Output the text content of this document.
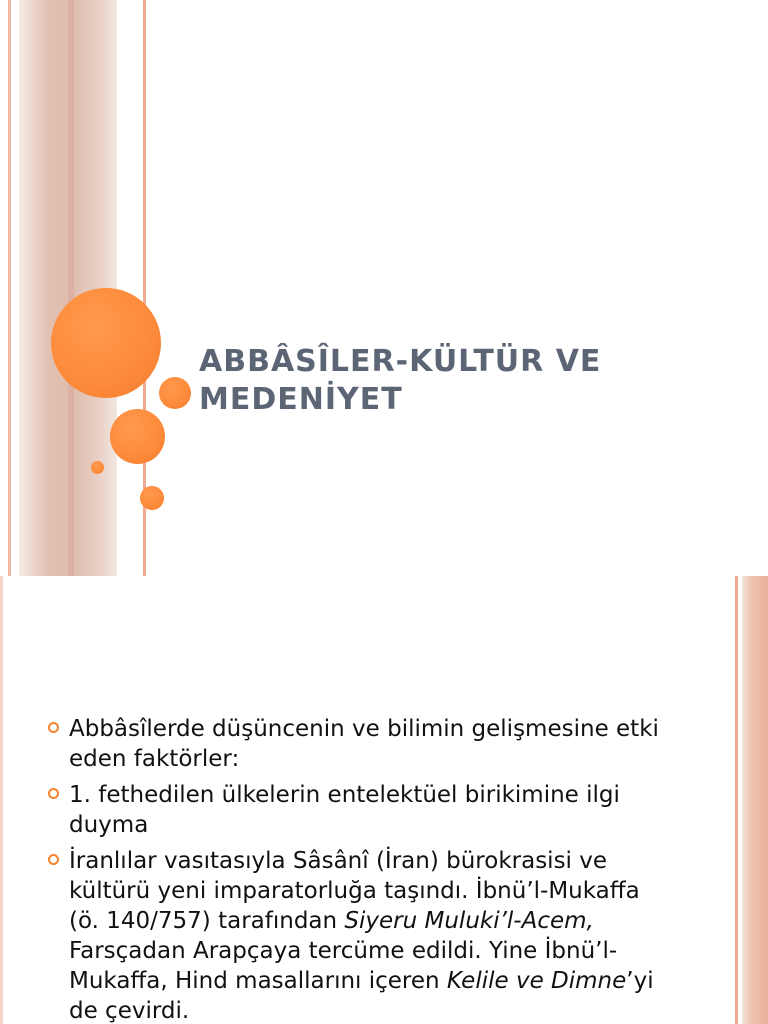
ABBÂSÎLER-KÜLTÜR VE
MEDENİYET
Abbâsîlerde düşüncenin ve bilimin gelişmesine etki eden faktörler:
1. fethedilen ülkelerin entelektüel birikimine ilgi duyma
İranlılar vasıtasıyla Sâsânî (İran) bürokrasisi ve kültürü yeni imparatorluğa taşındı. İbnü’l-Mukaffa (ö. 140/757) tarafından Siyeru Muluki’l-Acem, Farsçadan Arapçaya tercüme edildi. Yine İbnü’l- Mukaffa, Hind masallarını içeren Kelile ve Dimne’yi de çevirdi.
